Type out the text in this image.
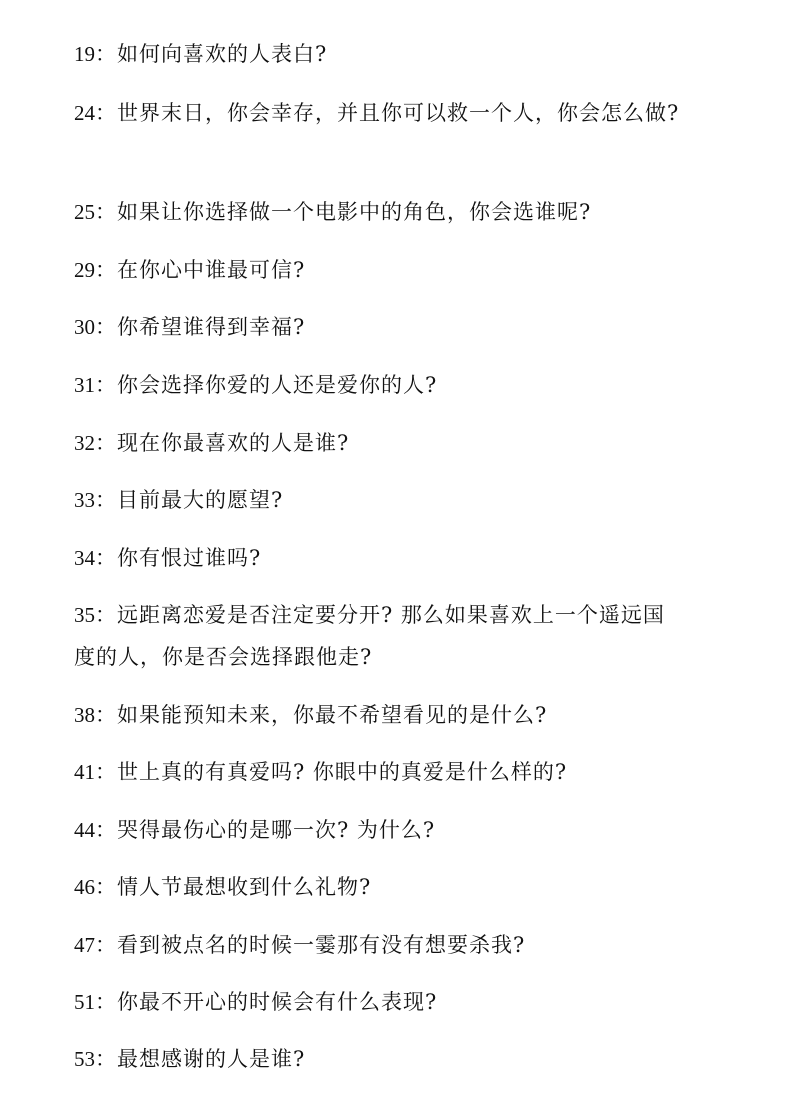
19：如何向喜欢的人表白?
24：世界末日，你会幸存，并且你可以救一个人，你会怎么做?
25：如果让你选择做一个电影中的角色，你会选谁呢?
29：在你心中谁最可信?
30：你希望谁得到幸福?
31：你会选择你爱的人还是爱你的人?
32：现在你最喜欢的人是谁?
33：目前最大的愿望?
34：你有恨过谁吗?
35：远距离恋爱是否注定要分开? 那么如果喜欢上一个遥远国
度的人，你是否会选择跟他走?
38：如果能预知未来，你最不希望看见的是什么?
41：世上真的有真爱吗? 你眼中的真爱是什么样的?
44：哭得最伤心的是哪一次? 为什么?
46：情人节最想收到什么礼物?
47：看到被点名的时候一霎那有没有想要杀我?
51：你最不开心的时候会有什么表现?
53：最想感谢的人是谁?
